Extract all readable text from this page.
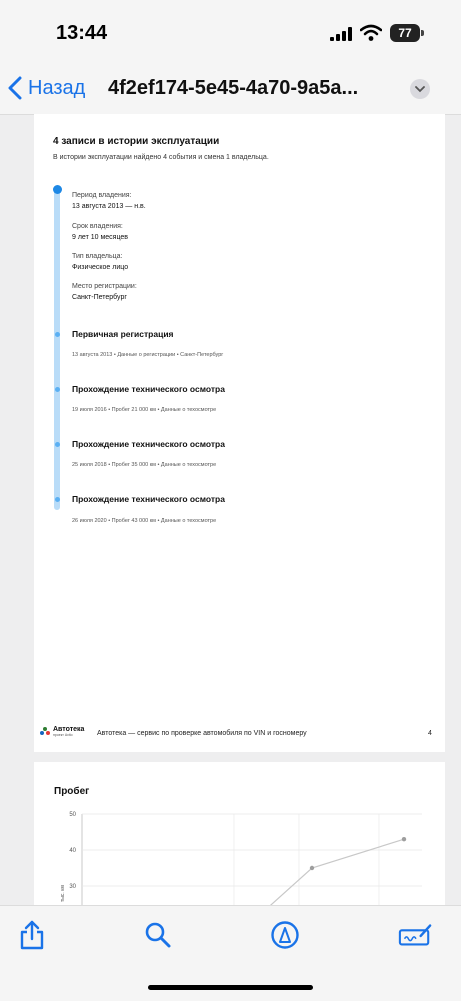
13:44	77
Назад 4f2ef174-5e45-4a70-9a5a...
4 записи в истории эксплуатации
В истории эксплуатации найдено 4 события и смена 1 владельца.
Период владения:
13 августа 2013 — н.в.
Срок владения:
9 лет 10 месяцев
Тип владельца:
Физическое лицо
Место регистрации:
Санкт-Петербург
Первичная регистрация
13 августа 2013 • Данные о регистрации • Санкт-Петербург
Прохождение технического осмотра
19 июля 2016 • Пробег 21 000 км • Данные о техосмотре
Прохождение технического осмотра
25 июля 2018 • Пробег 35 000 км • Данные о техосмотре
Прохождение технического осмотра
26 июля 2020 • Пробег 43 000 км • Данные о техосмотре
Автотека
проект Avito	Автотека — сервис по проверке автомобиля по VIN и госномеру	4
Пробег
50
40
30
тыс. км
